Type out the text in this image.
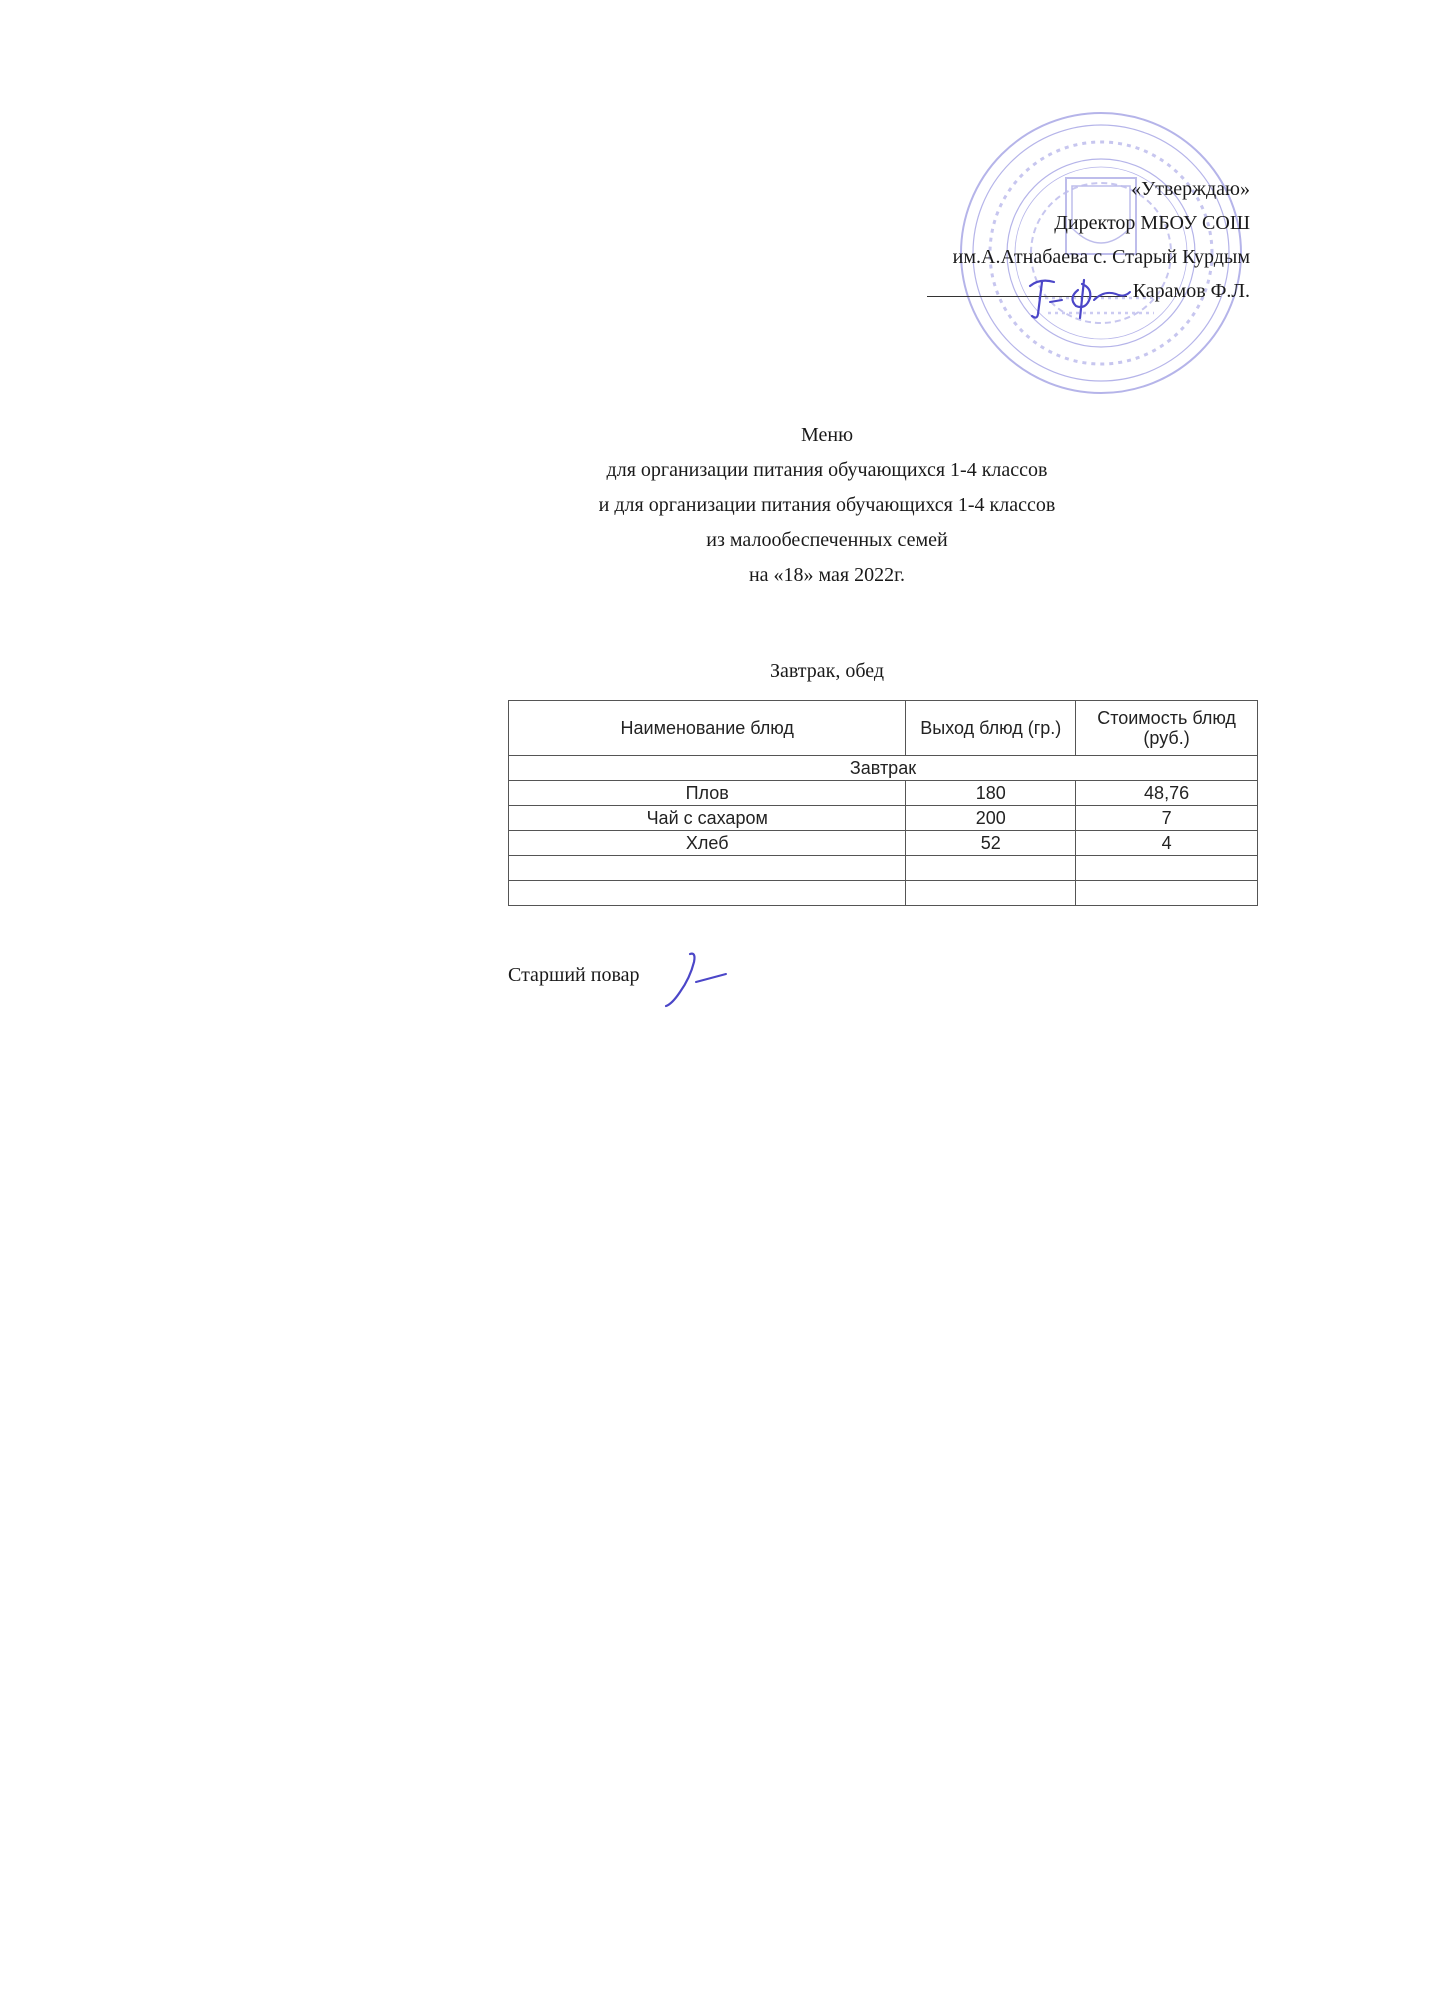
«Утверждаю»
Директор МБОУ СОШ
им.А.Атнабаева с. Старый Курдым
Карамов Ф.Л.
Меню
для организации питания обучающихся 1-4 классов
и для организации питания обучающихся 1-4 классов
из малообеспеченных семей
на «18» мая 2022г.
Завтрак, обед
Наименование блюд	Выход блюд (гр.)	Стоимость блюд (руб.)
Завтрак		
Плов	180	48,76
Чай с сахаром	200	7
Хлеб	52	4

Старший повар
